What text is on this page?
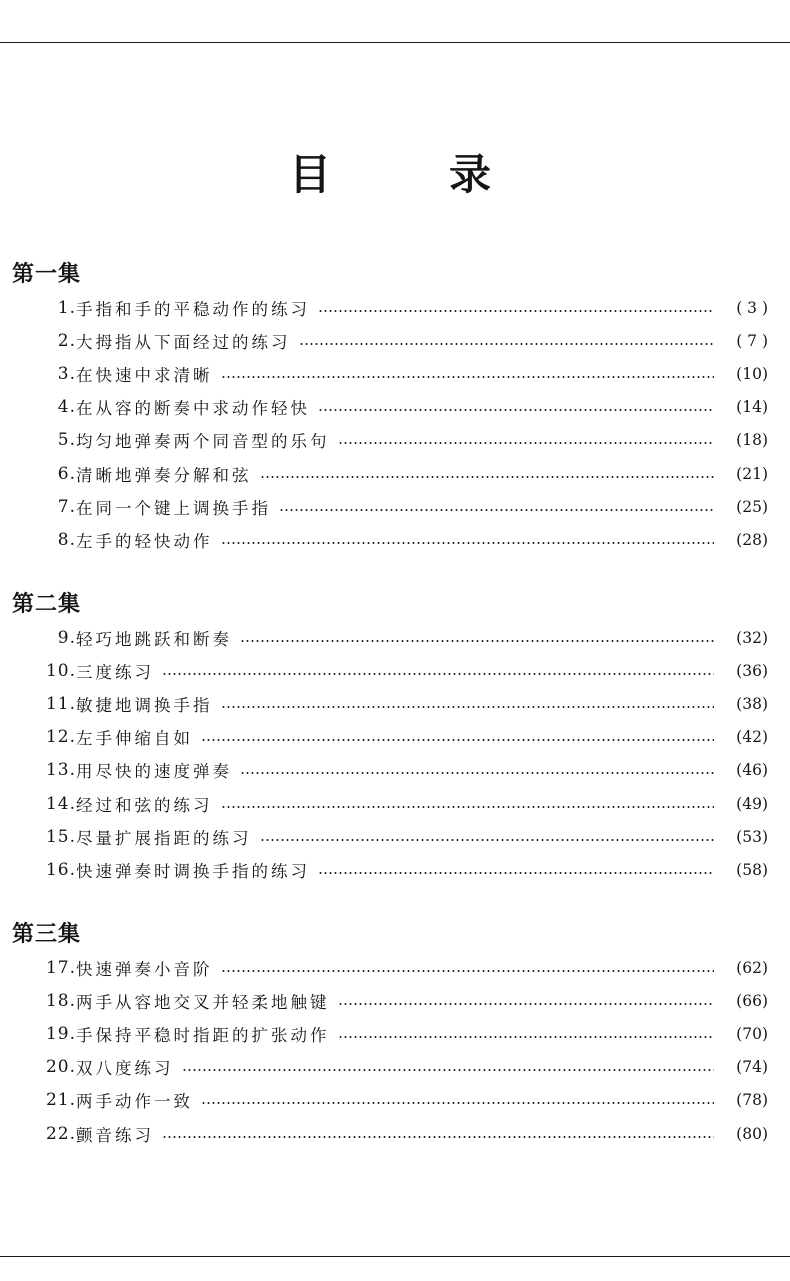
目	录
第一集
1. 手指和手的平稳动作的练习	( 3 )
2. 大拇指从下面经过的练习	( 7 )
3. 在快速中求清晰	(10)
4. 在从容的断奏中求动作轻快	(14)
5. 均匀地弹奏两个同音型的乐句	(18)
6. 清晰地弹奏分解和弦	(21)
7. 在同一个键上调换手指	(25)
8. 左手的轻快动作	(28)
第二集
9. 轻巧地跳跃和断奏	(32)
10. 三度练习	(36)
11. 敏捷地调换手指	(38)
12. 左手伸缩自如	(42)
13. 用尽快的速度弹奏	(46)
14. 经过和弦的练习	(49)
15. 尽量扩展指距的练习	(53)
16. 快速弹奏时调换手指的练习	(58)
第三集
17. 快速弹奏小音阶	(62)
18. 两手从容地交叉并轻柔地触键	(66)
19. 手保持平稳时指距的扩张动作	(70)
20. 双八度练习	(74)
21. 两手动作一致	(78)
22. 颤音练习	(80)
